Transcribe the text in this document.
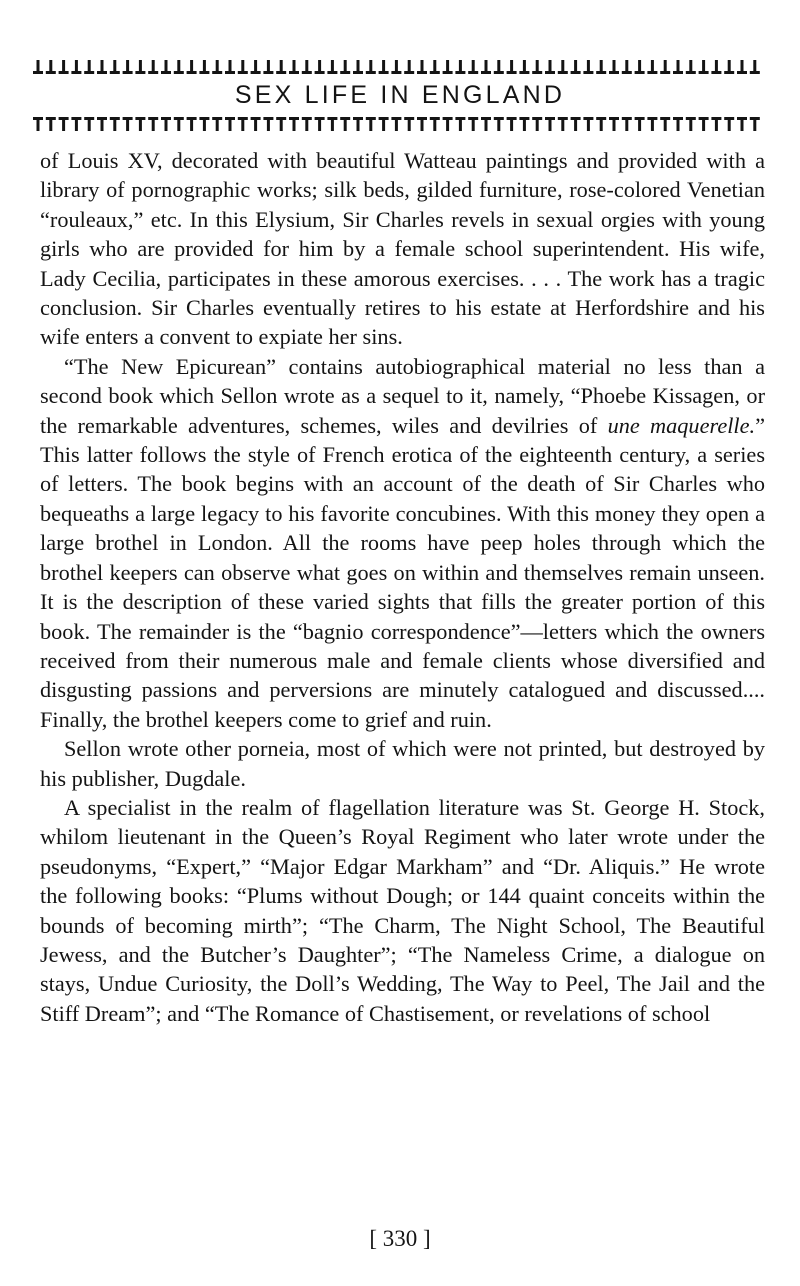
SEX LIFE IN ENGLAND

of Louis XV, decorated with beautiful Watteau paintings and provided with a library of pornographic works; silk beds, gilded furniture, rose-colored Venetian “rouleaux,” etc. In this Elysium, Sir Charles revels in sexual orgies with young girls who are provided for him by a female school superintendent. His wife, Lady Cecilia, participates in these amorous exercises. . . . The work has a tragic conclusion. Sir Charles eventually retires to his estate at Herfordshire and his wife enters a convent to expiate her sins.

“The New Epicurean” contains autobiographical material no less than a second book which Sellon wrote as a sequel to it, namely, “Phoebe Kissagen, or the remarkable adventures, schemes, wiles and devilries of une maquerelle.” This latter follows the style of French erotica of the eighteenth century, a series of letters. The book begins with an account of the death of Sir Charles who bequeaths a large legacy to his favorite concubines. With this money they open a large brothel in London. All the rooms have peep holes through which the brothel keepers can observe what goes on within and themselves remain unseen. It is the description of these varied sights that fills the greater portion of this book. The remainder is the “bagnio correspondence”—letters which the owners received from their numerous male and female clients whose diversified and disgusting passions and perversions are minutely catalogued and discussed.... Finally, the brothel keepers come to grief and ruin.

Sellon wrote other porneia, most of which were not printed, but destroyed by his publisher, Dugdale.

A specialist in the realm of flagellation literature was St. George H. Stock, whilom lieutenant in the Queen’s Royal Regiment who later wrote under the pseudonyms, “Expert,” “Major Edgar Markham” and “Dr. Aliquis.” He wrote the following books: “Plums without Dough; or 144 quaint conceits within the bounds of becoming mirth”; “The Charm, The Night School, The Beautiful Jewess, and the Butcher’s Daughter”; “The Nameless Crime, a dialogue on stays, Undue Curiosity, the Doll’s Wedding, The Way to Peel, The Jail and the Stiff Dream”; and “The Romance of Chastisement, or revelations of school

[ 330 ]
